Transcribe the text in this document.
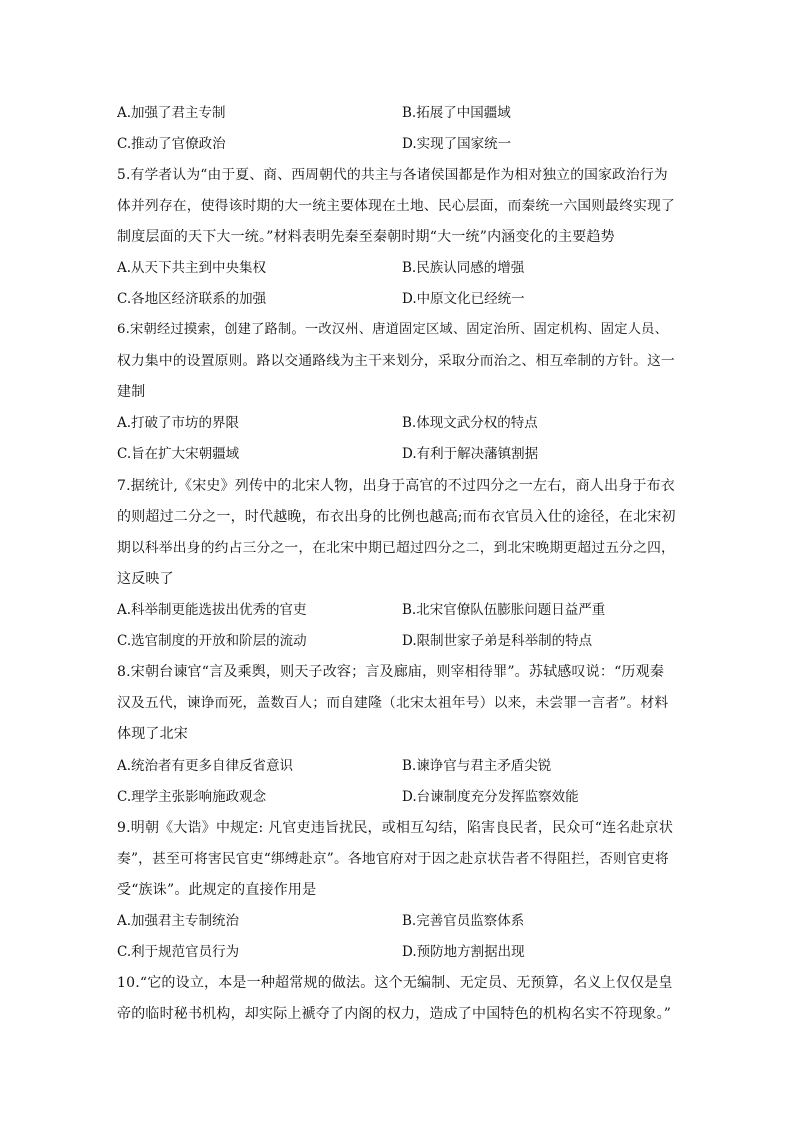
A.加强了君主专制	B.拓展了中国疆域
C.推动了官僚政治	D.实现了国家统一
5.有学者认为“由于夏、商、西周朝代的共主与各诸侯国都是作为相对独立的国家政治行为
体并列存在，使得该时期的大一统主要体现在土地、民心层面，而秦统一六国则最终实现了
制度层面的天下大一统。”材料表明先秦至秦朝时期“大一统”内涵变化的主要趋势
A.从天下共主到中央集权	B.民族认同感的增强
C.各地区经济联系的加强	D.中原文化已经统一
6.宋朝经过摸索，创建了路制。一改汉州、唐道固定区域、固定治所、固定机构、固定人员、
权力集中的设置原则。路以交通路线为主干来划分，采取分而治之、相互牵制的方针。这一
建制
A.打破了市坊的界限	B.体现文武分权的特点
C.旨在扩大宋朝疆域	D.有利于解决藩镇割据
7.据统计,《宋史》列传中的北宋人物，出身于高官的不过四分之一左右，商人出身于布衣
的则超过二分之一，时代越晚，布衣出身的比例也越高;而布衣官员入仕的途径，在北宋初
期以科举出身的约占三分之一，在北宋中期已超过四分之二，到北宋晚期更超过五分之四，
这反映了
A.科举制更能选拔出优秀的官吏	B.北宋官僚队伍膨胀问题日益严重
C.选官制度的开放和阶层的流动	D.限制世家子弟是科举制的特点
8.宋朝台谏官“言及乘舆，则天子改容；言及廊庙，则宰相待罪”。苏轼感叹说：“历观秦
汉及五代，谏诤而死，盖数百人；而自建隆（北宋太祖年号）以来，未尝罪一言者”。材料
体现了北宋
A.统治者有更多自律反省意识	B.谏诤官与君主矛盾尖锐
C.理学主张影响施政观念	D.台谏制度充分发挥监察效能
9.明朝《大诰》中规定: 凡官吏违旨扰民，或相互勾结，陷害良民者，民众可“连名赴京状
奏”，甚至可将害民官吏“绑缚赴京”。各地官府对于因之赴京状告者不得阻拦，否则官吏将
受“族诛”。此规定的直接作用是
A.加强君主专制统治	B.完善官员监察体系
C.利于规范官员行为	D.预防地方割据出现
10.“它的设立，本是一种超常规的做法。这个无编制、无定员、无预算，名义上仅仅是皇
帝的临时秘书机构，却实际上褫夺了内阁的权力，造成了中国特色的机构名实不符现象。”
